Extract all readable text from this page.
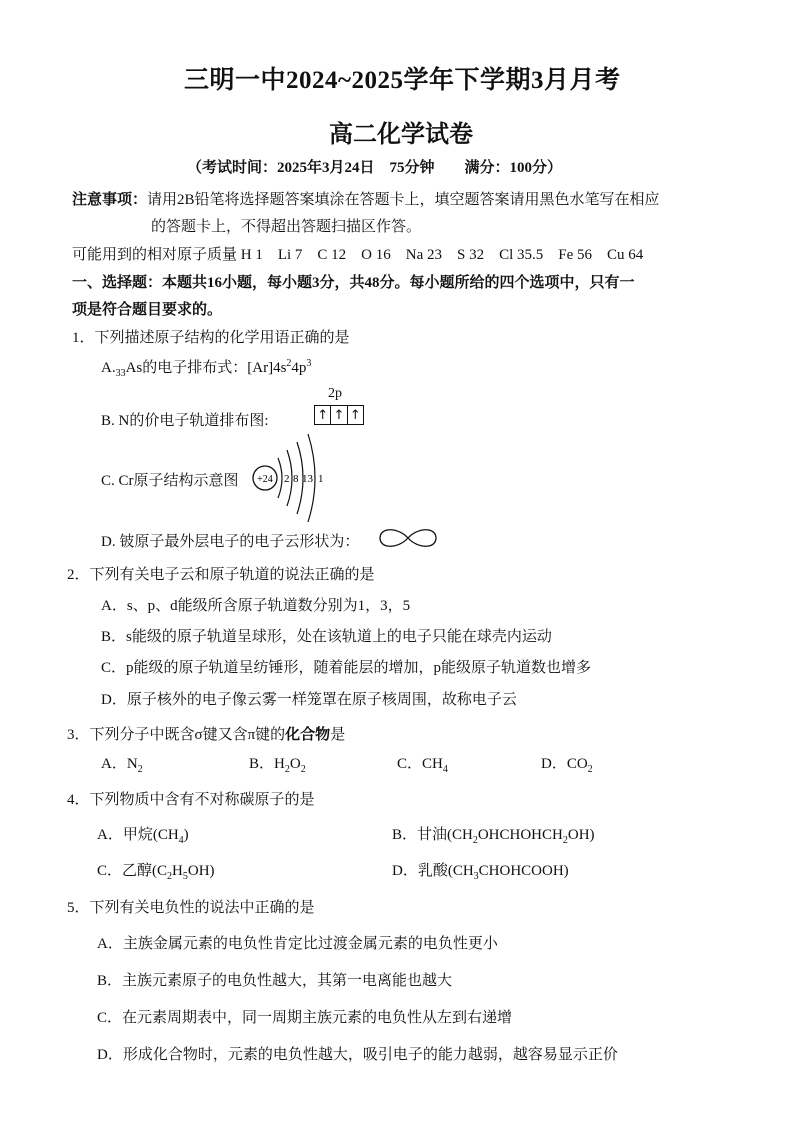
三明一中2024~2025学年下学期3月月考
高二化学试卷
（考试时间：2025年3月24日　75分钟　　满分：100分）
注意事项：请用2B铅笔将选择题答案填涂在答题卡上，填空题答案请用黑色水笔写在相应
的答题卡上，不得超出答题扫描区作答。
可能用到的相对原子质量 H 1　Li 7　C 12　O 16　Na 23　S 32　Cl 35.5　Fe 56　Cu 64
一、选择题：本题共16小题，每小题3分，共48分。每小题所给的四个选项中，只有一
项是符合题目要求的。
1．下列描述原子结构的化学用语正确的是
$A._{33}As$的电子排布式：$[Ar]4s^24p^3$
B. N的价电子轨道排布图:
2p
↑ ↑ ↑
C. Cr原子结构示意图 +24 2 8 13 1
D. 铍原子最外层电子的电子云形状为：
2．下列有关电子云和原子轨道的说法正确的是
A．s、p、d能级所含原子轨道数分别为1，3，5
B．s能级的原子轨道呈球形，处在该轨道上的电子只能在球壳内运动
C．p能级的原子轨道呈纺锤形，随着能层的增加，p能级原子轨道数也增多
D．原子核外的电子像云雾一样笼罩在原子核周围，故称电子云
3．下列分子中既含σ键又含π键的化合物是
A．$N_2$	B．$H_2O_2$	C．$CH_4$	D．$CO_2$
4．下列物质中含有不对称碳原子的是
A．甲烷$(CH_4)$	B．甘油$(CH_2OHCHOHCH_2OH)$
C．乙醇$(C_2H_5OH)$	D．乳酸$(CH_3CHOHCOOH)$
5．下列有关电负性的说法中正确的是
A．主族金属元素的电负性肯定比过渡金属元素的电负性更小
B．主族元素原子的电负性越大，其第一电离能也越大
C．在元素周期表中，同一周期主族元素的电负性从左到右递增
D．形成化合物时，元素的电负性越大，吸引电子的能力越弱，越容易显示正价
